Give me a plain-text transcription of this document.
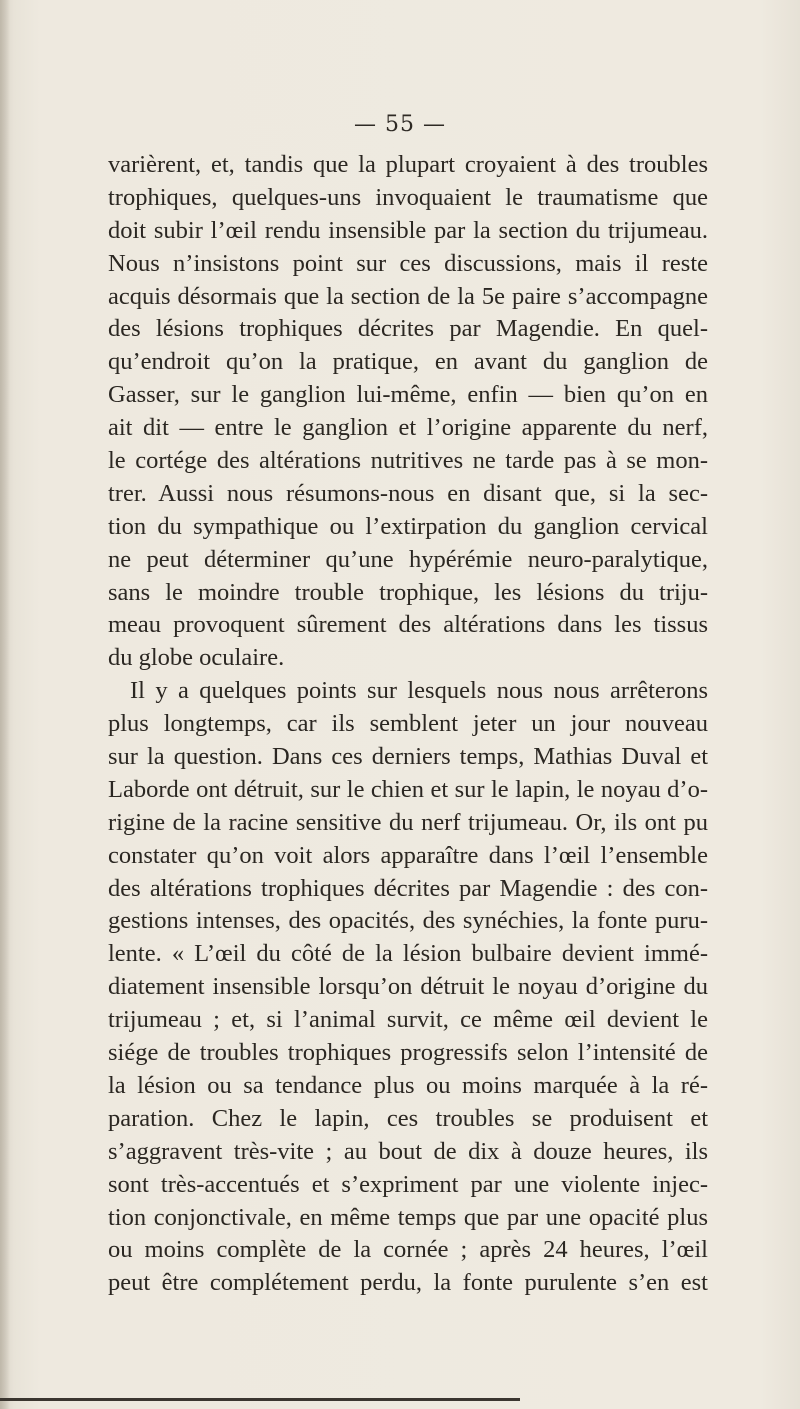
— 55 —
varièrent, et, tandis que la plupart croyaient à des troubles
trophiques, quelques-uns invoquaient le traumatisme que
doit subir l’œil rendu insensible par la section du trijumeau.
Nous n’insistons point sur ces discussions, mais il reste
acquis désormais que la section de la 5e paire s’accompagne
des lésions trophiques décrites par Magendie. En quel-
qu’endroit qu’on la pratique, en avant du ganglion de
Gasser, sur le ganglion lui-même, enfin — bien qu’on en
ait dit — entre le ganglion et l’origine apparente du nerf,
le cortége des altérations nutritives ne tarde pas à se mon-
trer. Aussi nous résumons-nous en disant que, si la sec-
tion du sympathique ou l’extirpation du ganglion cervical
ne peut déterminer qu’une hypérémie neuro-paralytique,
sans le moindre trouble trophique, les lésions du triju-
meau provoquent sûrement des altérations dans les tissus
du globe oculaire.
Il y a quelques points sur lesquels nous nous arrêterons
plus longtemps, car ils semblent jeter un jour nouveau
sur la question. Dans ces derniers temps, Mathias Duval et
Laborde ont détruit, sur le chien et sur le lapin, le noyau d’o-
rigine de la racine sensitive du nerf trijumeau. Or, ils ont pu
constater qu’on voit alors apparaître dans l’œil l’ensemble
des altérations trophiques décrites par Magendie : des con-
gestions intenses, des opacités, des synéchies, la fonte puru-
lente. « L’œil du côté de la lésion bulbaire devient immé-
diatement insensible lorsqu’on détruit le noyau d’origine du
trijumeau ; et, si l’animal survit, ce même œil devient le
siége de troubles trophiques progressifs selon l’intensité de
la lésion ou sa tendance plus ou moins marquée à la ré-
paration. Chez le lapin, ces troubles se produisent et
s’aggravent très-vite ; au bout de dix à douze heures, ils
sont très-accentués et s’expriment par une violente injec-
tion conjonctivale, en même temps que par une opacité plus
ou moins complète de la cornée ; après 24 heures, l’œil
peut être complétement perdu, la fonte purulente s’en est
